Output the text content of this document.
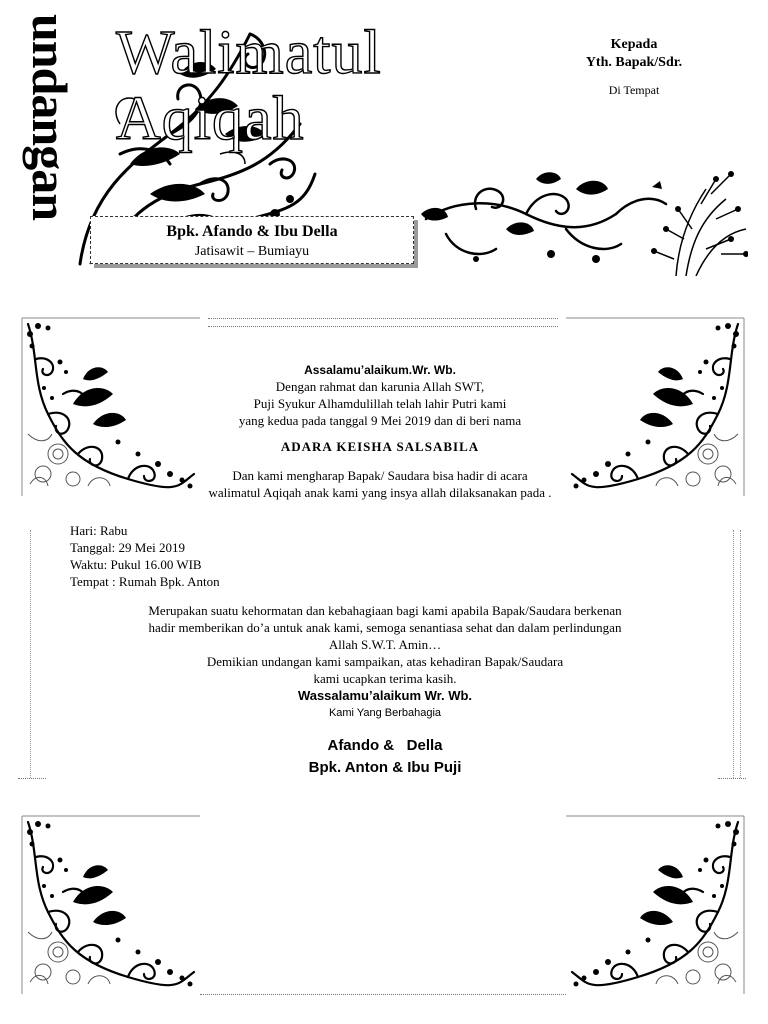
undangan Walimatul
Aqiqah
Kepada
Yth. Bapak/Sdr.
Di Tempat
Bpk. Afando & Ibu Della
Jatisawit – Bumiayu
Assalamu’alaikum.Wr. Wb.
Dengan rahmat dan karunia Allah SWT,
Puji Syukur Alhamdulillah telah lahir Putri kami
yang kedua pada tanggal 9 Mei 2019 dan di beri nama
ADARA KEISHA SALSABILA
Dan kami mengharap Bapak/ Saudara bisa hadir di acara
walimatul Aqiqah anak kami yang insya allah dilaksanakan pada .
Hari: Rabu
Tanggal: 29 Mei 2019
Waktu: Pukul 16.00 WIB
Tempat : Rumah Bpk. Anton
Merupakan suatu kehormatan dan kebahagiaan bagi kami apabila Bapak/Saudara berkenan
hadir memberikan do’a untuk anak kami, semoga senantiasa sehat dan dalam perlindungan
Allah S.W.T. Amin…
Demikian undangan kami sampaikan, atas kehadiran Bapak/Saudara
kami ucapkan terima kasih.
Wassalamu’alaikum Wr. Wb.
Kami Yang Berbahagia
Afando &   Della
Bpk. Anton & Ibu Puji
